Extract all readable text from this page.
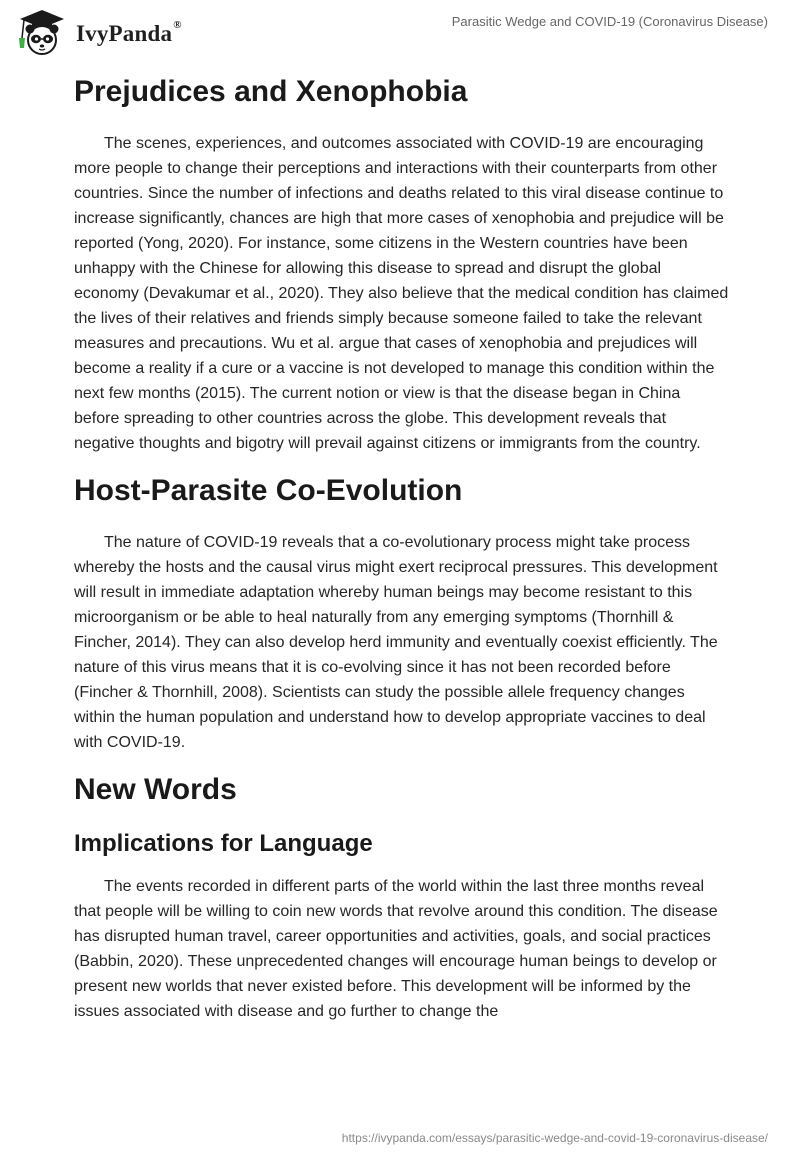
IvyPanda®	Parasitic Wedge and COVID-19 (Coronavirus Disease)
Prejudices and Xenophobia

The scenes, experiences, and outcomes associated with COVID-19 are encouraging more people to change their perceptions and interactions with their counterparts from other countries. Since the number of infections and deaths related to this viral disease continue to increase significantly, chances are high that more cases of xenophobia and prejudice will be reported (Yong, 2020). For instance, some citizens in the Western countries have been unhappy with the Chinese for allowing this disease to spread and disrupt the global economy (Devakumar et al., 2020). They also believe that the medical condition has claimed the lives of their relatives and friends simply because someone failed to take the relevant measures and precautions. Wu et al. argue that cases of xenophobia and prejudices will become a reality if a cure or a vaccine is not developed to manage this condition within the next few months (2015). The current notion or view is that the disease began in China before spreading to other countries across the globe. This development reveals that negative thoughts and bigotry will prevail against citizens or immigrants from the country.

Host-Parasite Co-Evolution

The nature of COVID-19 reveals that a co-evolutionary process might take process whereby the hosts and the causal virus might exert reciprocal pressures. This development will result in immediate adaptation whereby human beings may become resistant to this microorganism or be able to heal naturally from any emerging symptoms (Thornhill & Fincher, 2014). They can also develop herd immunity and eventually coexist efficiently. The nature of this virus means that it is co-evolving since it has not been recorded before (Fincher & Thornhill, 2008). Scientists can study the possible allele frequency changes within the human population and understand how to develop appropriate vaccines to deal with COVID-19.

New Words
Implications for Language

The events recorded in different parts of the world within the last three months reveal that people will be willing to coin new words that revolve around this condition. The disease has disrupted human travel, career opportunities and activities, goals, and social practices (Babbin, 2020). These unprecedented changes will encourage human beings to develop or present new worlds that never existed before. This development will be informed by the issues associated with disease and go further to change the

https://ivypanda.com/essays/parasitic-wedge-and-covid-19-coronavirus-disease/
